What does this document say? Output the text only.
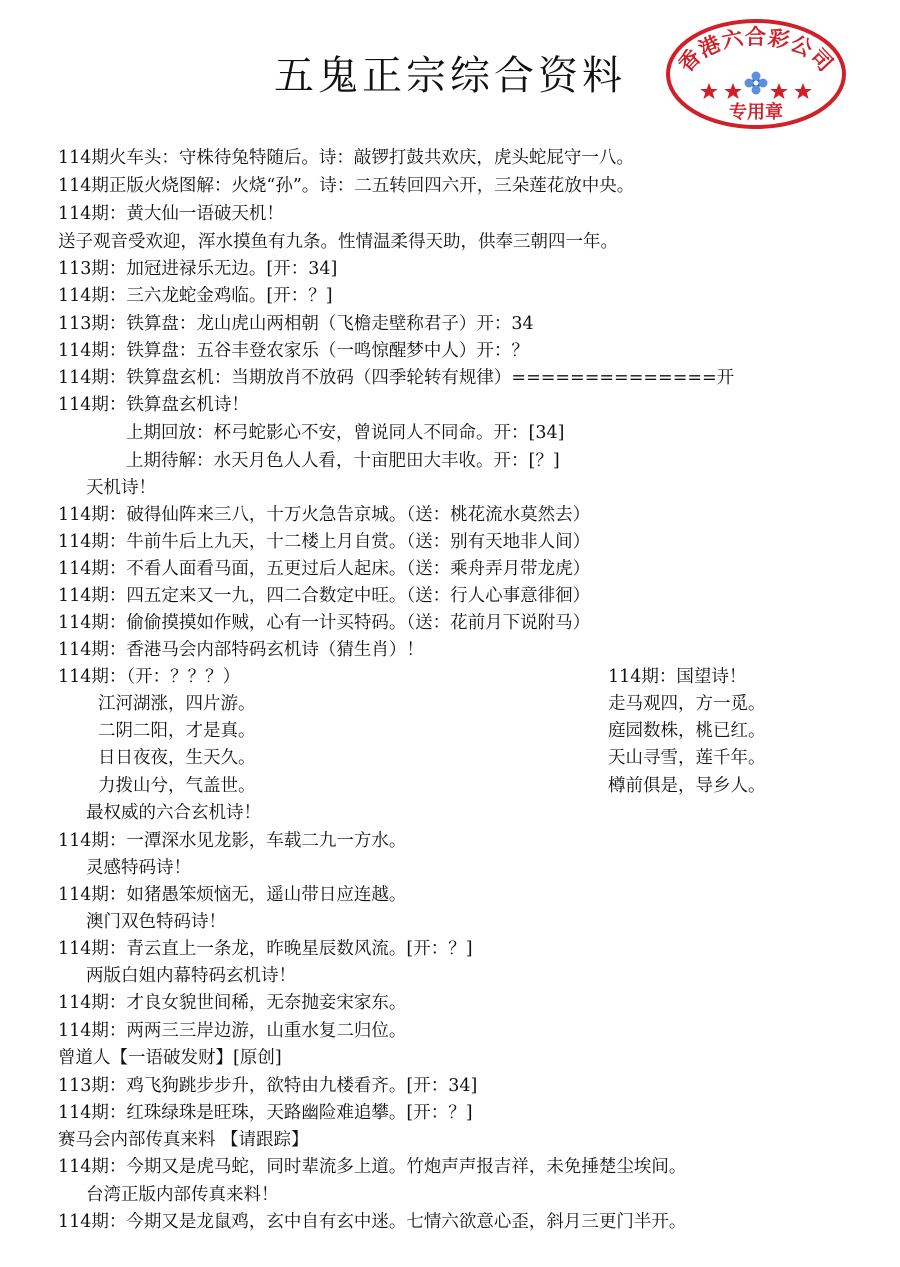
五鬼正宗综合资料	香港六合彩公司
专用章
114期火车头：守株待兔特随后。诗：敲锣打鼓共欢庆，虎头蛇屁守一八。
114期正版火烧图解：火烧“孙”。诗：二五转回四六开，三朵莲花放中央。
114期：黄大仙一语破天机！
送子观音受欢迎，浑水摸鱼有九条。性情温柔得天助，供奉三朝四一年。
113期：加冠进禄乐无边。[开：34]
114期：三六龙蛇金鸡临。[开：？]
113期：铁算盘：龙山虎山两相朝（飞檐走壁称君子）开：34
114期：铁算盘：五谷丰登农家乐（一鸣惊醒梦中人）开：？
114期：铁算盘玄机：当期放肖不放码（四季轮转有规律）==============开
114期：铁算盘玄机诗！
上期回放：杯弓蛇影心不安，曾说同人不同命。开：[34]
上期待解：水天月色人人看，十亩肥田大丰收。开：[？]
天机诗！
114期：破得仙阵来三八，十万火急告京城。（送：桃花流水莫然去）
114期：牛前牛后上九天，十二楼上月自赏。（送：别有天地非人间）
114期：不看人面看马面，五更过后人起床。（送：乘舟弄月带龙虎）
114期：四五定来又一九，四二合数定中旺。（送：行人心事意徘徊）
114期：偷偷摸摸如作贼，心有一计买特码。（送：花前月下说附马）
114期：香港马会内部特码玄机诗（猜生肖）！
114期：（开：？？？）
江河湖涨，四片游。
二阴二阳，才是真。
日日夜夜，生天久。
力拨山兮，气盖世。
114期：国望诗！
走马观四，方一觅。
庭园数株，桃已红。
天山寻雪，莲千年。
樽前俱是，导乡人。
最权威的六合玄机诗！
114期：一潭深水见龙影，车载二九一方水。
灵感特码诗！
114期：如猪愚笨烦恼无，遥山带日应连越。
澳门双色特码诗！
114期：青云直上一条龙，昨晚星辰数风流。[开：？]
两版白姐内幕特码玄机诗！
114期：才良女貌世间稀，无奈抛妾宋家东。
114期：两两三三岸边游，山重水复二归位。
曾道人【一语破发财】[原创]
113期：鸡飞狗跳步步升，欲特由九楼看齐。[开：34]
114期：红珠绿珠是旺珠，天路幽险难追攀。[开：？]
赛马会内部传真来料 【请跟踪】
114期：今期又是虎马蛇，同时辈流多上道。竹炮声声报吉祥，未免捶楚尘埃间。
台湾正版内部传真来料！
114期：今期又是龙鼠鸡，玄中自有玄中迷。七情六欲意心歪，斜月三更门半开。
